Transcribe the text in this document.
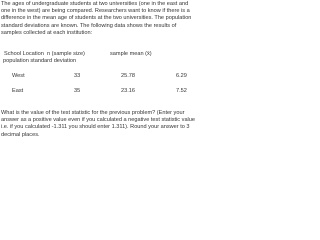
The ages of undergraduate students at two universities (one in the east and one in the west) are being compared. Researchers want to know if there is a difference in the mean age of students at the two universities. The population standard deviations are known. The following data shows the results of samples collected at each institution:

School Location n (sample size)	sample mean (x̄)
population standard deviation
West	33	25.78	6.29
East	35	23.16	7.52

What is the value of the test statistic for the previous problem? (Enter your answer as a positive value even if you calculated a negative test statistic value i.e. if you calculated -1.311 you should enter 1.311). Round your answer to 3 decimal places.
